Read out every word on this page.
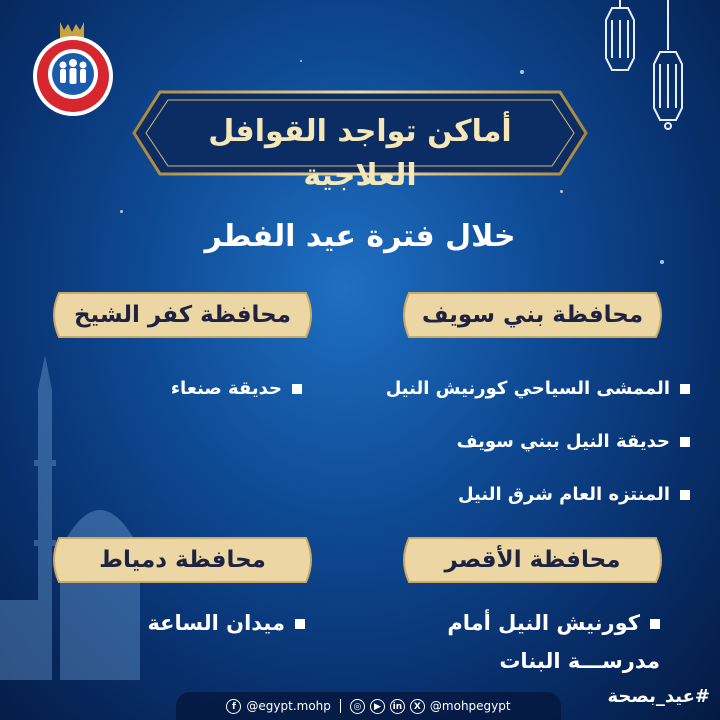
أماكن تواجد القوافل العلاجية
خلال فترة عيد الفطر
محافظة بني سويف
محافظة كفر الشيخ
الممشى السياحي كورنيش النيل
حديقة النيل ببني سويف
المنتزه العام شرق النيل
حديقة صنعاء
محافظة الأقصر
محافظة دمياط
كورنيش النيل أمام
مدرســـة البنات
ميدان الساعة
f @egypt.mohp	◎	▶	in	X @mohpegypt	#عيد_بصحة
